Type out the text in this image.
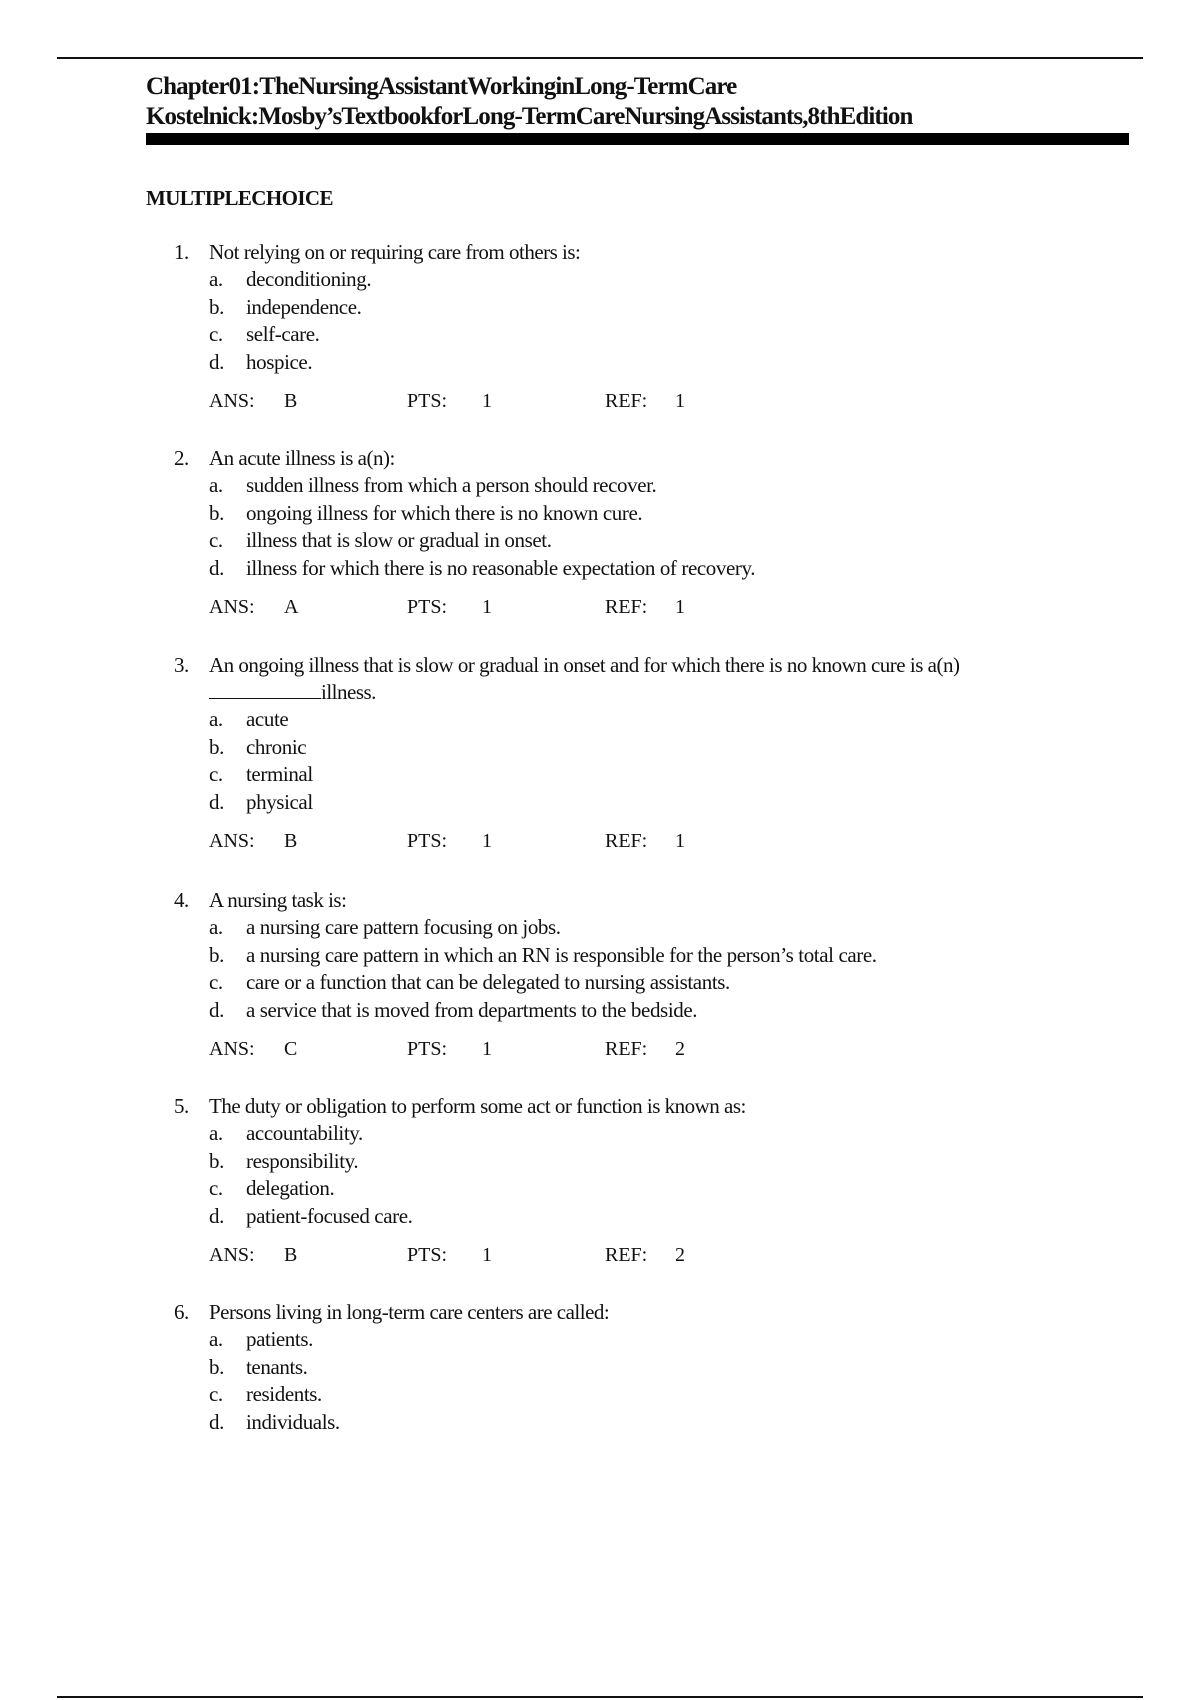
Chapter01:TheNursingAssistantWorkinginLong-TermCare
Kostelnick:Mosby’sTextbookforLong-TermCareNursingAssistants,8thEdition
MULTIPLECHOICE
1. Not relying on or requiring care from others is:
a. deconditioning.
b. independence.
c. self-care.
d. hospice.
ANS: B	PTS: 1	REF: 1
2. An acute illness is a(n):
a. sudden illness from which a person should recover.
b. ongoing illness for which there is no known cure.
c. illness that is slow or gradual in onset.
d. illness for which there is no reasonable expectation of recovery.
ANS: A	PTS: 1	REF: 1
3. An ongoing illness that is slow or gradual in onset and for which there is no known cure is a(n)
illness.
a. acute
b. chronic
c. terminal
d. physical
ANS: B	PTS: 1	REF: 1
4. A nursing task is:
a. a nursing care pattern focusing on jobs.
b. a nursing care pattern in which an RN is responsible for the person’s total care.
c. care or a function that can be delegated to nursing assistants.
d. a service that is moved from departments to the bedside.
ANS: C	PTS: 1	REF: 2
5. The duty or obligation to perform some act or function is known as:
a. accountability.
b. responsibility.
c. delegation.
d. patient-focused care.
ANS: B	PTS: 1	REF: 2
6. Persons living in long-term care centers are called:
a. patients.
b. tenants.
c. residents.
d. individuals.
